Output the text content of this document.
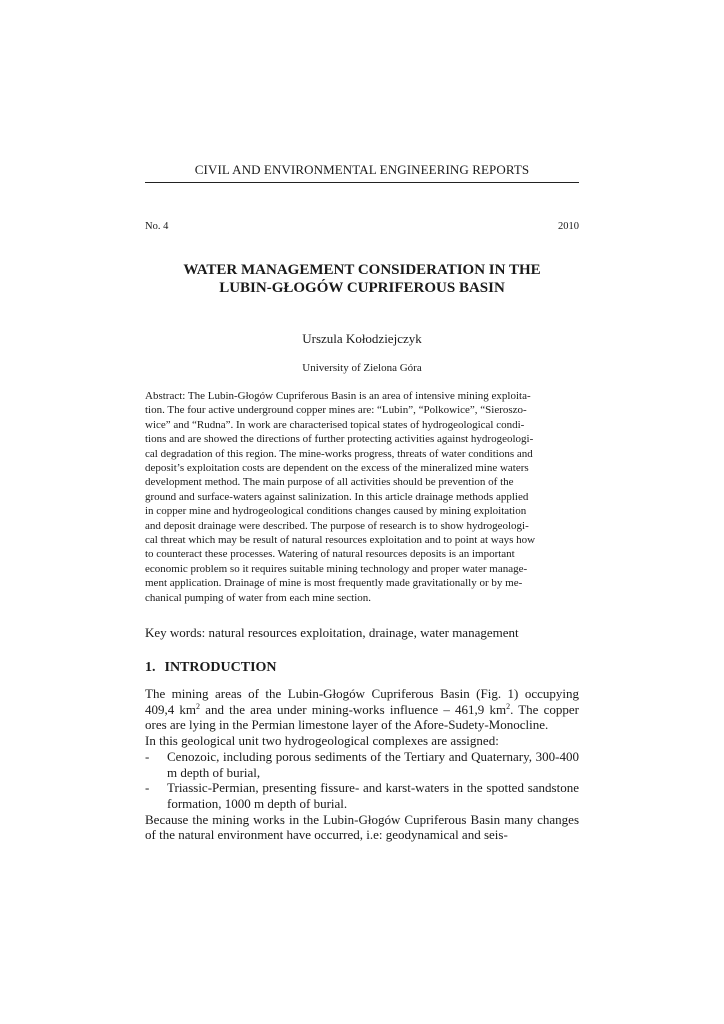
CIVIL AND ENVIRONMENTAL ENGINEERING REPORTS
No. 4	2010
WATER MANAGEMENT CONSIDERATION IN THE
LUBIN-GŁOGÓW CUPRIFEROUS BASIN
Urszula Kołodziejczyk
University of Zielona Góra
Abstract: The Lubin-Głogów Cupriferous Basin is an area of intensive mining exploita-
tion. The four active underground copper mines are: “Lubin”, “Polkowice”, “Sieroszo-
wice” and “Rudna”. In work are characterised topical states of hydrogeological condi-
tions and are showed the directions of further protecting activities against hydrogeologi-
cal degradation of this region. The mine-works progress, threats of water conditions and
deposit’s exploitation costs are dependent on the excess of the mineralized mine waters
development method. The main purpose of all activities should be prevention of the
ground and surface-waters against salinization. In this article drainage methods applied
in copper mine and hydrogeological conditions changes caused by mining exploitation
and deposit drainage were described. The purpose of research is to show hydrogeologi-
cal threat which may be result of natural resources exploitation and to point at ways how
to counteract these processes. Watering of natural resources deposits is an important
economic problem so it requires suitable mining technology and proper water manage-
ment application. Drainage of mine is most frequently made gravitationally or by me-
chanical pumping of water from each mine section.
Key words: natural resources exploitation, drainage, water management
1. INTRODUCTION

The mining areas of the Lubin-Głogów Cupriferous Basin (Fig. 1) occupying 409,4 $km^2$ and the area under mining-works influence – 461,9 $km^2$. The copper ores are lying in the Permian limestone layer of the Afore-Sudety-Monocline.

In this geological unit two hydrogeological complexes are assigned:

- Cenozoic, including porous sediments of the Tertiary and Quaternary, 300-400 m depth of burial,
- Triassic-Permian, presenting fissure- and karst-waters in the spotted sandstone formation, 1000 m depth of burial.

Because the mining works in the Lubin-Głogów Cupriferous Basin many changes of the natural environment have occurred, i.e: geodynamical and seis-
